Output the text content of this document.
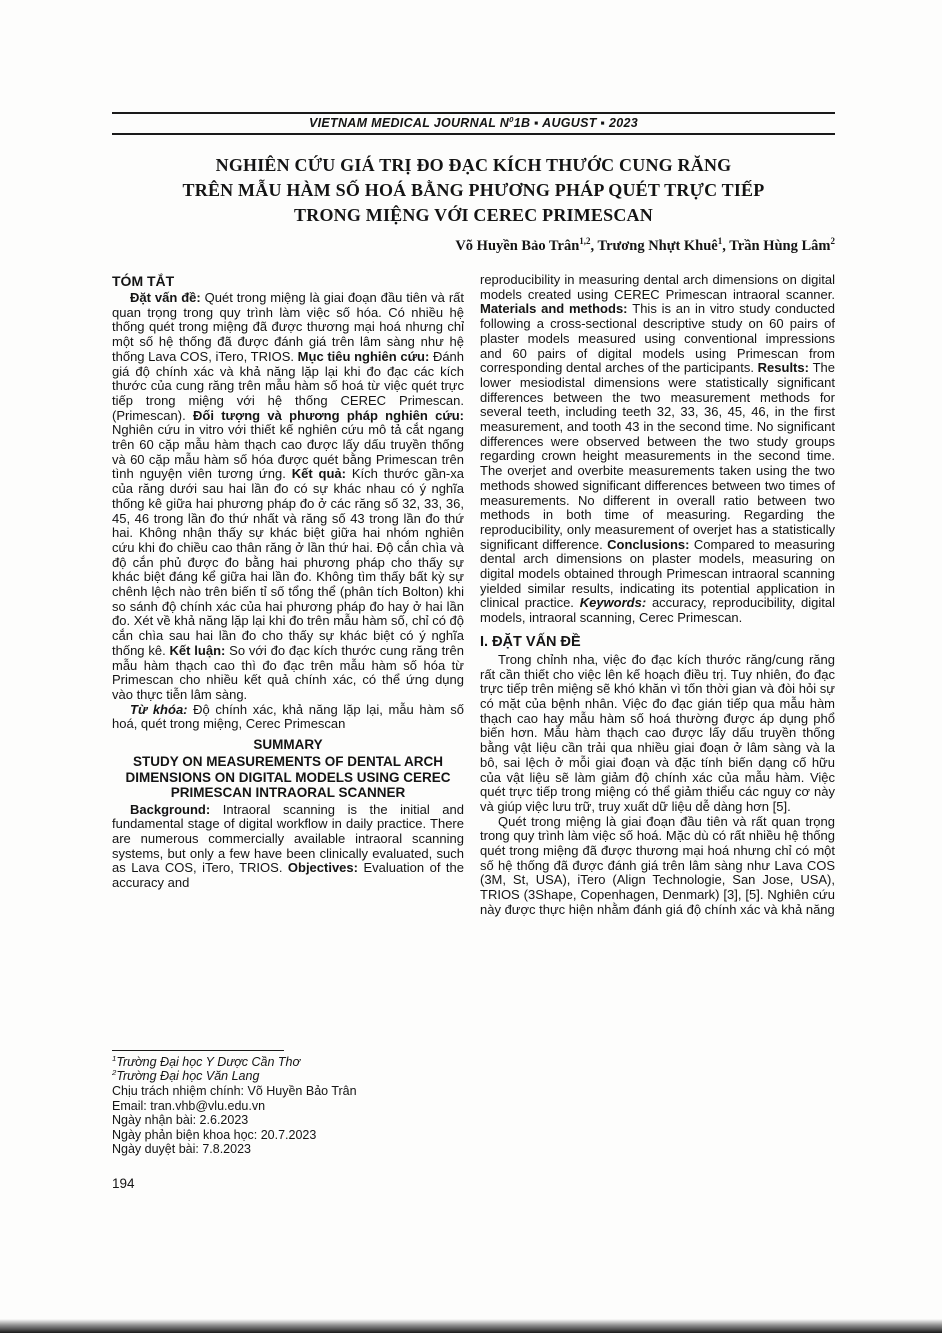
VIETNAM MEDICAL JOURNAL $N^01B$ ▪ AUGUST ▪ 2023
NGHIÊN CỨU GIÁ TRỊ ĐO ĐẠC KÍCH THƯỚC CUNG RĂNG
TRÊN MẪU HÀM SỐ HOÁ BẰNG PHƯƠNG PHÁP QUÉT TRỰC TIẾP
TRONG MIỆNG VỚI CEREC PRIMESCAN
Võ Huyền Bảo Trân$^{1,2}$, Trương Nhựt Khuê$^1$, Trần Hùng Lâm$^2$
TÓM TẮT

Đặt vấn đề: Quét trong miệng là giai đoạn đầu tiên và rất quan trọng trong quy trình làm việc số hóa. Có nhiều hệ thống quét trong miệng đã được thương mại hoá nhưng chỉ một số hệ thống đã được đánh giá trên lâm sàng như hệ thống Lava COS, iTero, TRIOS. Mục tiêu nghiên cứu: Đánh giá độ chính xác và khả năng lặp lại khi đo đạc các kích thước của cung răng trên mẫu hàm số hoá từ việc quét trực tiếp trong miệng với hệ thống CEREC Primescan. (Primescan). Đối tượng và phương pháp nghiên cứu: Nghiên cứu in vitro với thiết kế nghiên cứu mô tả cắt ngang trên 60 cặp mẫu hàm thạch cao được lấy dấu truyền thống và 60 cặp mẫu hàm số hóa được quét bằng Primescan trên tình nguyện viên tương ứng. Kết quả: Kích thước gần-xa của răng dưới sau hai lần đo có sự khác nhau có ý nghĩa thống kê giữa hai phương pháp đo ở các răng số 32, 33, 36, 45, 46 trong lần đo thứ nhất và răng số 43 trong lần đo thứ hai. Không nhận thấy sự khác biệt giữa hai nhóm nghiên cứu khi đo chiều cao thân răng ở lần thứ hai. Độ cắn chìa và độ cắn phủ được đo bằng hai phương pháp cho thấy sự khác biệt đáng kể giữa hai lần đo. Không tìm thấy bất kỳ sự chênh lệch nào trên biến tỉ số tổng thể (phân tích Bolton) khi so sánh độ chính xác của hai phương pháp đo hay ở hai lần đo. Xét về khả năng lặp lại khi đo trên mẫu hàm số, chỉ có độ cắn chìa sau hai lần đo cho thấy sự khác biệt có ý nghĩa thống kê. Kết luận: So với đo đạc kích thước cung răng trên mẫu hàm thạch cao thì đo đạc trên mẫu hàm số hóa từ Primescan cho nhiều kết quả chính xác, có thể ứng dụng vào thực tiễn lâm sàng.

Từ khóa: Độ chính xác, khả năng lặp lại, mẫu hàm số hoá, quét trong miệng, Cerec Primescan

SUMMARY
STUDY ON MEASUREMENTS OF DENTAL ARCH DIMENSIONS ON DIGITAL MODELS USING CEREC PRIMESCAN INTRAORAL SCANNER

Background: Intraoral scanning is the initial and fundamental stage of digital workflow in daily practice. There are numerous commercially available intraoral scanning systems, but only a few have been clinically evaluated, such as Lava COS, iTero, TRIOS. Objectives: Evaluation of the accuracy and

$^1$Trường Đại học Y Dược Cần Thơ
$^2$Trường Đại học Văn Lang
Chịu trách nhiệm chính: Võ Huyền Bảo Trân
Email: tran.vhb@vlu.edu.vn
Ngày nhận bài: 2.6.2023
Ngày phản biện khoa học: 20.7.2023
Ngày duyệt bài: 7.8.2023

reproducibility in measuring dental arch dimensions on digital models created using CEREC Primescan intraoral scanner. Materials and methods: This is an in vitro study conducted following a cross-sectional descriptive study on 60 pairs of plaster models measured using conventional impressions and 60 pairs of digital models using Primescan from corresponding dental arches of the participants. Results: The lower mesiodistal dimensions were statistically significant differences between the two measurement methods for several teeth, including teeth 32, 33, 36, 45, 46, in the first measurement, and tooth 43 in the second time. No significant differences were observed between the two study groups regarding crown height measurements in the second time. The overjet and overbite measurements taken using the two methods showed significant differences between two times of measurements. No different in overall ratio between two methods in both time of measuring. Regarding the reproducibility, only measurement of overjet has a statistically significant difference. Conclusions: Compared to measuring dental arch dimensions on plaster models, measuring on digital models obtained through Primescan intraoral scanning yielded similar results, indicating its potential application in clinical practice. Keywords: accuracy, reproducibility, digital models, intraoral scanning, Cerec Primescan.

I. ĐẶT VẤN ĐỀ

Trong chỉnh nha, việc đo đạc kích thước răng/cung răng rất cần thiết cho việc lên kế hoạch điều trị. Tuy nhiên, đo đạc trực tiếp trên miệng sẽ khó khăn vì tốn thời gian và đòi hỏi sự có mặt của bệnh nhân. Việc đo đạc gián tiếp qua mẫu hàm thạch cao hay mẫu hàm số hoá thường được áp dụng phổ biến hơn. Mẫu hàm thạch cao được lấy dấu truyền thống bằng vật liệu cần trải qua nhiều giai đoạn ở lâm sàng và la bô, sai lệch ở mỗi giai đoạn và đặc tính biến dạng cố hữu của vật liệu sẽ làm giảm độ chính xác của mẫu hàm. Việc quét trực tiếp trong miệng có thể giảm thiểu các nguy cơ này và giúp việc lưu trữ, truy xuất dữ liệu dễ dàng hơn [5].

Quét trong miệng là giai đoạn đầu tiên và rất quan trọng trong quy trình làm việc số hoá. Mặc dù có rất nhiều hệ thống quét trong miệng đã được thương mại hoá nhưng chỉ có một số hệ thống đã được đánh giá trên lâm sàng như Lava COS (3M, St, USA), iTero (Align Technologie, San Jose, USA), TRIOS (3Shape, Copenhagen, Denmark) [3], [5]. Nghiên cứu này được thực hiện nhằm đánh giá độ chính xác và khả năng

194
